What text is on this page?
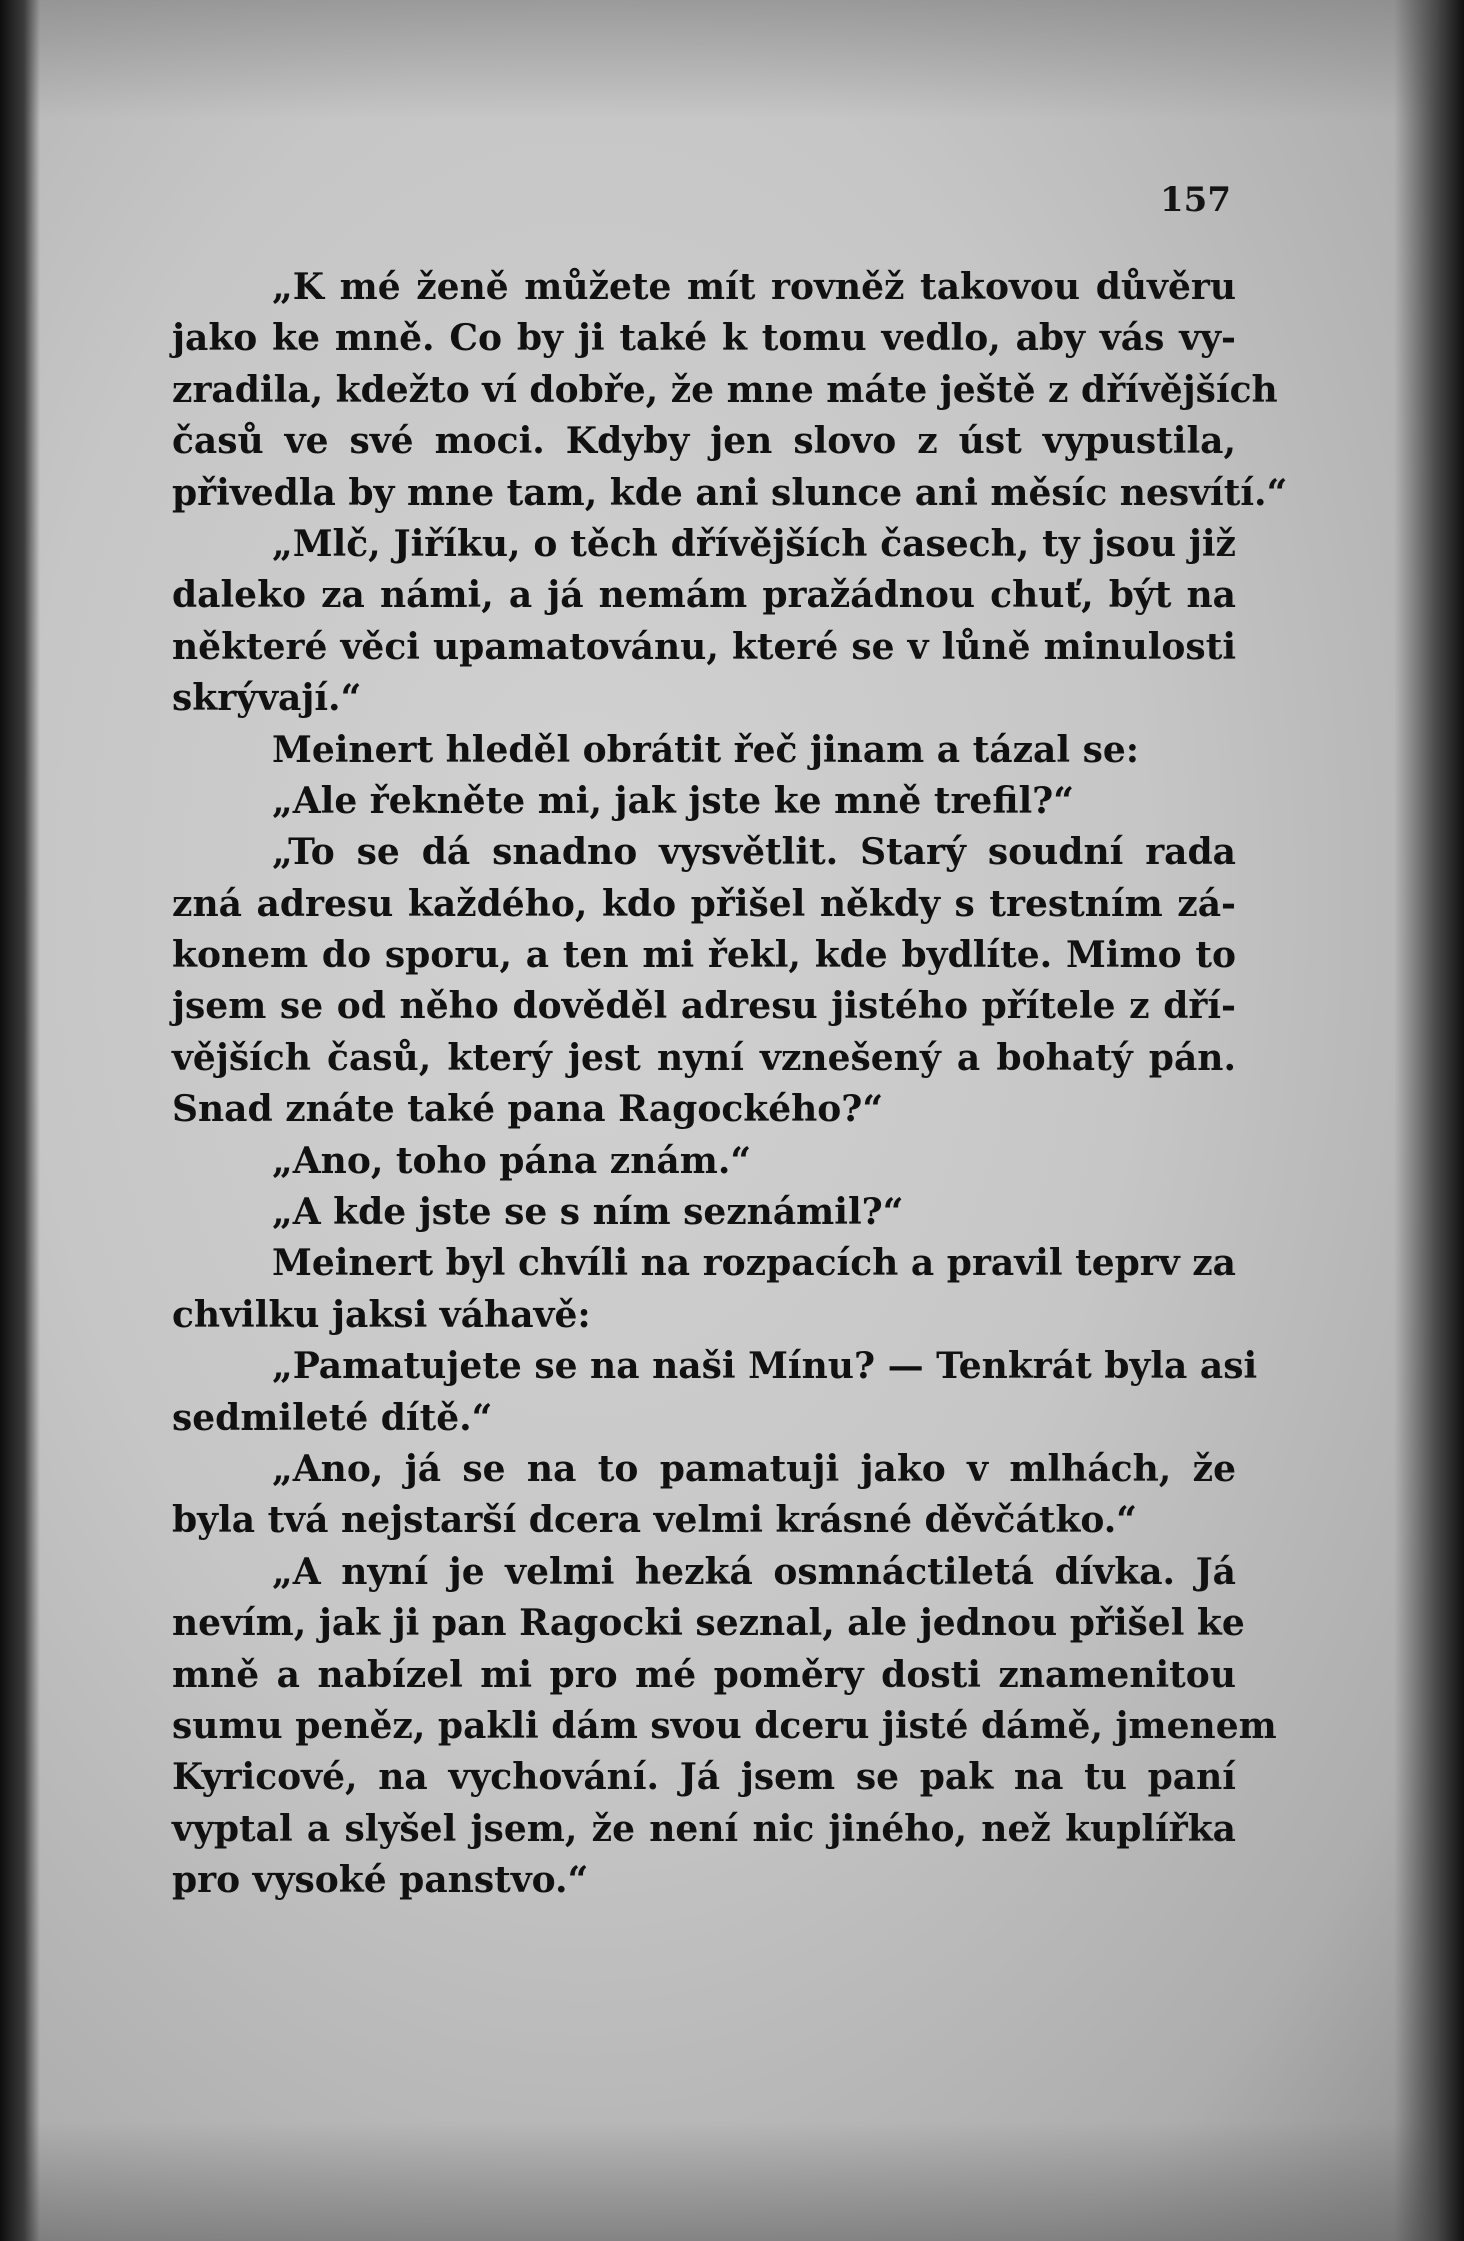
157
„K mé ženě můžete mít rovněž takovou důvěru
jako ke mně. Co by ji také k tomu vedlo, aby vás vy-
zradila, kdežto ví dobře, že mne máte ještě z dřívějších
časů ve své moci. Kdyby jen slovo z úst vypustila,
přivedla by mne tam, kde ani slunce ani měsíc nesvítí.“
„Mlč, Jiříku, o těch dřívějších časech, ty jsou již
daleko za námi, a já nemám pražádnou chuť, být na
některé věci upamatovánu, které se v lůně minulosti
skrývají.“
Meinert hleděl obrátit řeč jinam a tázal se:
„Ale řekněte mi, jak jste ke mně trefil?“
„To se dá snadno vysvětlit. Starý soudní rada
zná adresu každého, kdo přišel někdy s trestním zá-
konem do sporu, a ten mi řekl, kde bydlíte. Mimo to
jsem se od něho dověděl adresu jistého přítele z dří-
vějších časů, který jest nyní vznešený a bohatý pán.
Snad znáte také pana Ragockého?“
„Ano, toho pána znám.“
„A kde jste se s ním seznámil?“
Meinert byl chvíli na rozpacích a pravil teprv za
chvilku jaksi váhavě:
„Pamatujete se na naši Mínu? — Tenkrát byla asi
sedmileté dítě.“
„Ano, já se na to pamatuji jako v mlhách, že
byla tvá nejstarší dcera velmi krásné děvčátko.“
„A nyní je velmi hezká osmnáctiletá dívka. Já
nevím, jak ji pan Ragocki seznal, ale jednou přišel ke
mně a nabízel mi pro mé poměry dosti znamenitou
sumu peněz, pakli dám svou dceru jisté dámě, jmenem
Kyricové, na vychování. Já jsem se pak na tu paní
vyptal a slyšel jsem, že není nic jiného, než kuplířka
pro vysoké panstvo.“
